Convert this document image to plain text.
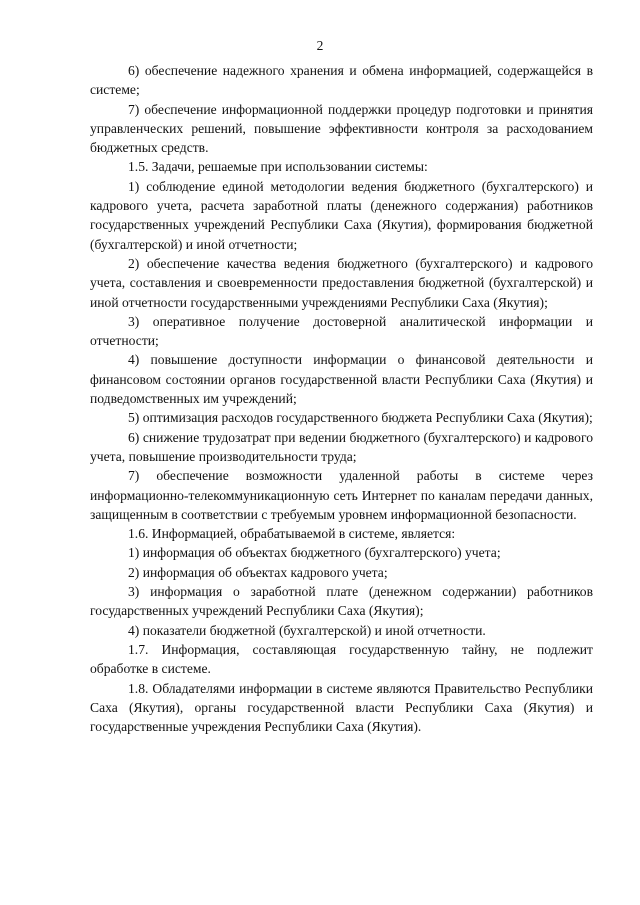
2

6) обеспечение надежного хранения и обмена информацией, содержащейся в системе;

7) обеспечение информационной поддержки процедур подготовки и принятия управленческих решений, повышение эффективности контроля за расходованием бюджетных средств.

1.5. Задачи, решаемые при использовании системы:

1) соблюдение единой методологии ведения бюджетного (бухгалтерского) и кадрового учета, расчета заработной платы (денежного содержания) работников государственных учреждений Республики Саха (Якутия), формирования бюджетной (бухгалтерской) и иной отчетности;

2) обеспечение качества ведения бюджетного (бухгалтерского) и кадрового учета, составления и своевременности предоставления бюджетной (бухгалтерской) и иной отчетности государственными учреждениями Республики Саха (Якутия);

3) оперативное получение достоверной аналитической информации и отчетности;

4) повышение доступности информации о финансовой деятельности и финансовом состоянии органов государственной власти Республики Саха (Якутия) и подведомственных им учреждений;

5) оптимизация расходов государственного бюджета Республики Саха (Якутия);

6) снижение трудозатрат при ведении бюджетного (бухгалтерского) и кадрового учета, повышение производительности труда;

7) обеспечение возможности удаленной работы в системе через информационно-телекоммуникационную сеть Интернет по каналам передачи данных, защищенным в соответствии с требуемым уровнем информационной безопасности.

1.6. Информацией, обрабатываемой в системе, является:

1) информация об объектах бюджетного (бухгалтерского) учета;

2) информация об объектах кадрового учета;

3) информация о заработной плате (денежном содержании) работников государственных учреждений Республики Саха (Якутия);

4) показатели бюджетной (бухгалтерской) и иной отчетности.

1.7. Информация, составляющая государственную тайну, не подлежит обработке в системе.

1.8. Обладателями информации в системе являются Правительство Республики Саха (Якутия), органы государственной власти Республики Саха (Якутия) и государственные учреждения Республики Саха (Якутия).
